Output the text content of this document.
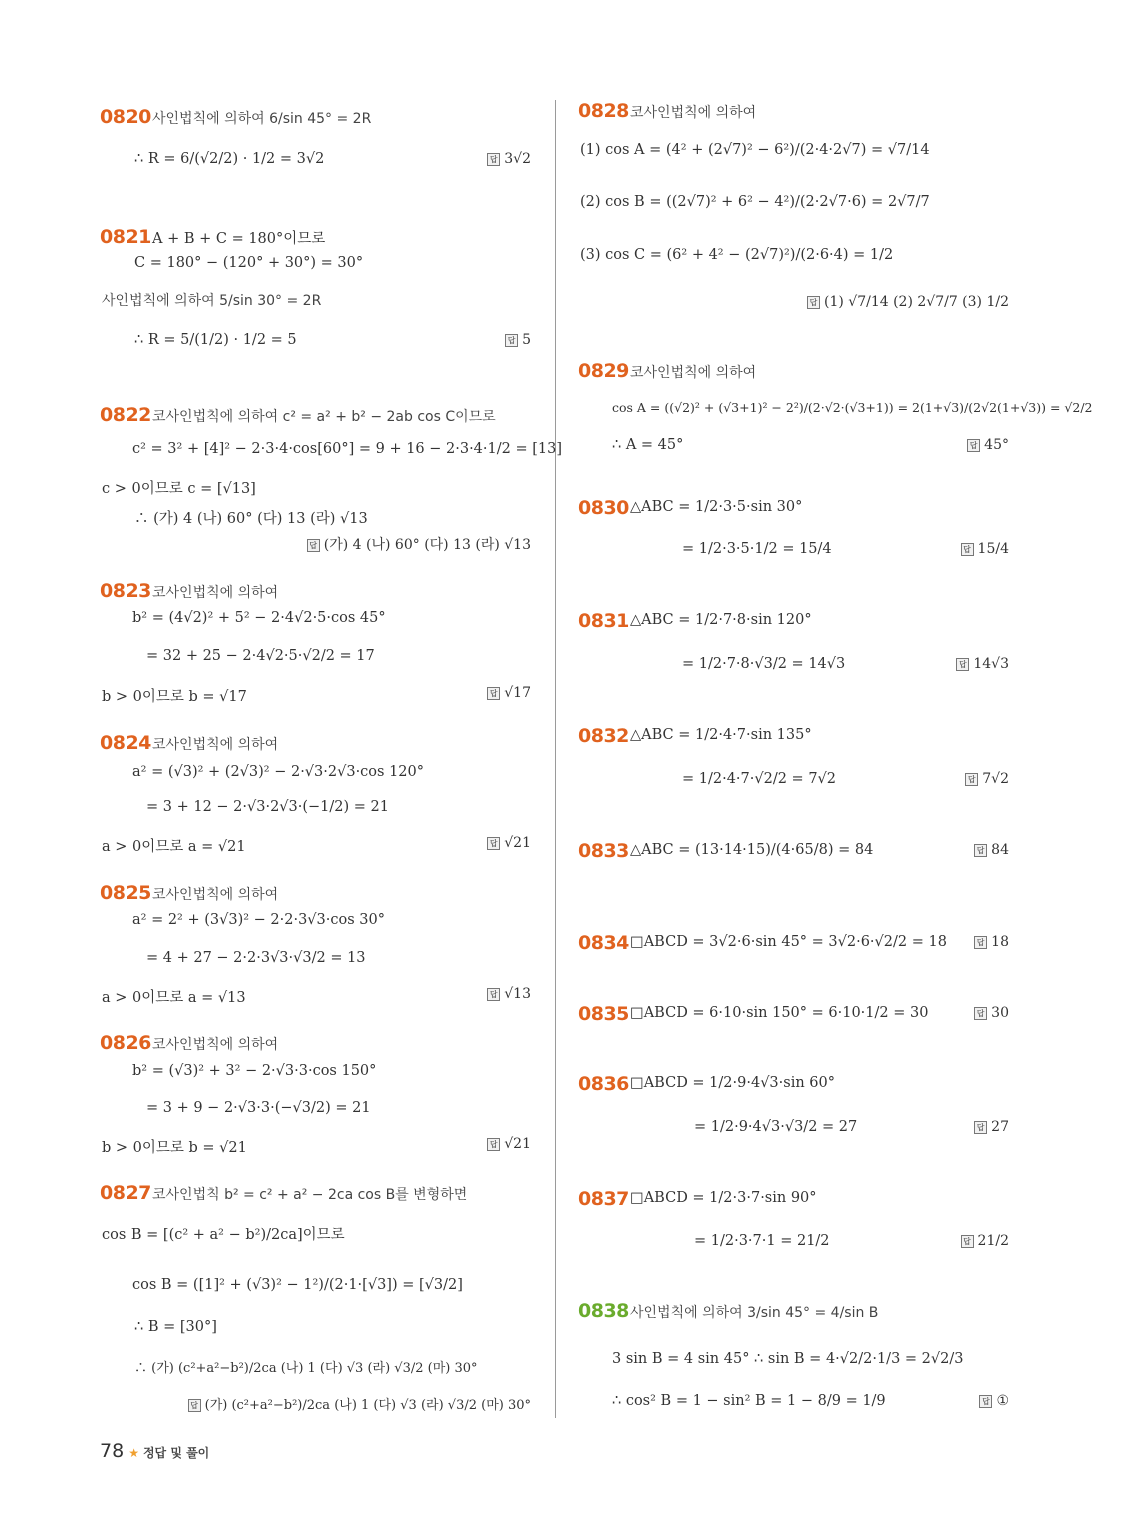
0820 사인법칙에 의하여 6/sin 45° = 2R
∴ R = 6/(√2/2) · 1/2 = 3√2	답 3√2
0821 A + B + C = 180°이므로
C = 180° − (120° + 30°) = 30°
사인법칙에 의하여 5/sin 30° = 2R
∴ R = 5/(1/2) · 1/2 = 5	답 5
0822 코사인법칙에 의하여 c² = a² + b² − 2ab cos C이므로
c² = 3² + [4]² − 2·3·4·cos[60°] = 9 + 16 − 2·3·4·1/2 = [13]
c > 0이므로 c = [√13]
∴ (가) 4 (나) 60° (다) 13 (라) √13
답 (가) 4 (나) 60° (다) 13 (라) √13
0823 코사인법칙에 의하여
b² = (4√2)² + 5² − 2·4√2·5·cos 45°
= 32 + 25 − 2·4√2·5·√2/2 = 17
b > 0이므로 b = √17	답 √17
0824 코사인법칙에 의하여
a² = (√3)² + (2√3)² − 2·√3·2√3·cos 120°
= 3 + 12 − 2·√3·2√3·(−1/2) = 21
a > 0이므로 a = √21	답 √21
0825 코사인법칙에 의하여
a² = 2² + (3√3)² − 2·2·3√3·cos 30°
= 4 + 27 − 2·2·3√3·√3/2 = 13
a > 0이므로 a = √13	답 √13
0826 코사인법칙에 의하여
b² = (√3)² + 3² − 2·√3·3·cos 150°
= 3 + 9 − 2·√3·3·(−√3/2) = 21
b > 0이므로 b = √21	답 √21
0827 코사인법칙 b² = c² + a² − 2ca cos B를 변형하면
cos B = [(c² + a² − b²)/2ca]이므로
cos B = ([1]² + (√3)² − 1²)/(2·1·[√3]) = [√3/2]
∴ B = [30°]
∴ (가) (c²+a²−b²)/2ca (나) 1 (다) √3 (라) √3/2 (마) 30°
답 (가) (c²+a²−b²)/2ca (나) 1 (다) √3 (라) √3/2 (마) 30°
0828 코사인법칙에 의하여
(1) cos A = (4² + (2√7)² − 6²)/(2·4·2√7) = √7/14
(2) cos B = ((2√7)² + 6² − 4²)/(2·2√7·6) = 2√7/7
(3) cos C = (6² + 4² − (2√7)²)/(2·6·4) = 1/2
답 (1) √7/14 (2) 2√7/7 (3) 1/2
0829 코사인법칙에 의하여
cos A = ((√2)² + (√3+1)² − 2²)/(2·√2·(√3+1)) = 2(1+√3)/(2√2(1+√3)) = √2/2
∴ A = 45°	답 45°
0830 △ABC = 1/2·3·5·sin 30°
= 1/2·3·5·1/2 = 15/4	답 15/4
0831 △ABC = 1/2·7·8·sin 120°
= 1/2·7·8·√3/2 = 14√3	답 14√3
0832 △ABC = 1/2·4·7·sin 135°
= 1/2·4·7·√2/2 = 7√2	답 7√2
0833 △ABC = (13·14·15)/(4·65/8) = 84	답 84
0834 □ABCD = 3√2·6·sin 45° = 3√2·6·√2/2 = 18	답 18
0835 □ABCD = 6·10·sin 150° = 6·10·1/2 = 30	답 30
0836 □ABCD = 1/2·9·4√3·sin 60°
= 1/2·9·4√3·√3/2 = 27	답 27
0837 □ABCD = 1/2·3·7·sin 90°
= 1/2·3·7·1 = 21/2	답 21/2
0838 사인법칙에 의하여 3/sin 45° = 4/sin B
3 sin B = 4 sin 45° ∴ sin B = 4·√2/2·1/3 = 2√2/3
∴ cos² B = 1 − sin² B = 1 − 8/9 = 1/9	답 ①
78 ★ 정답 및 풀이
